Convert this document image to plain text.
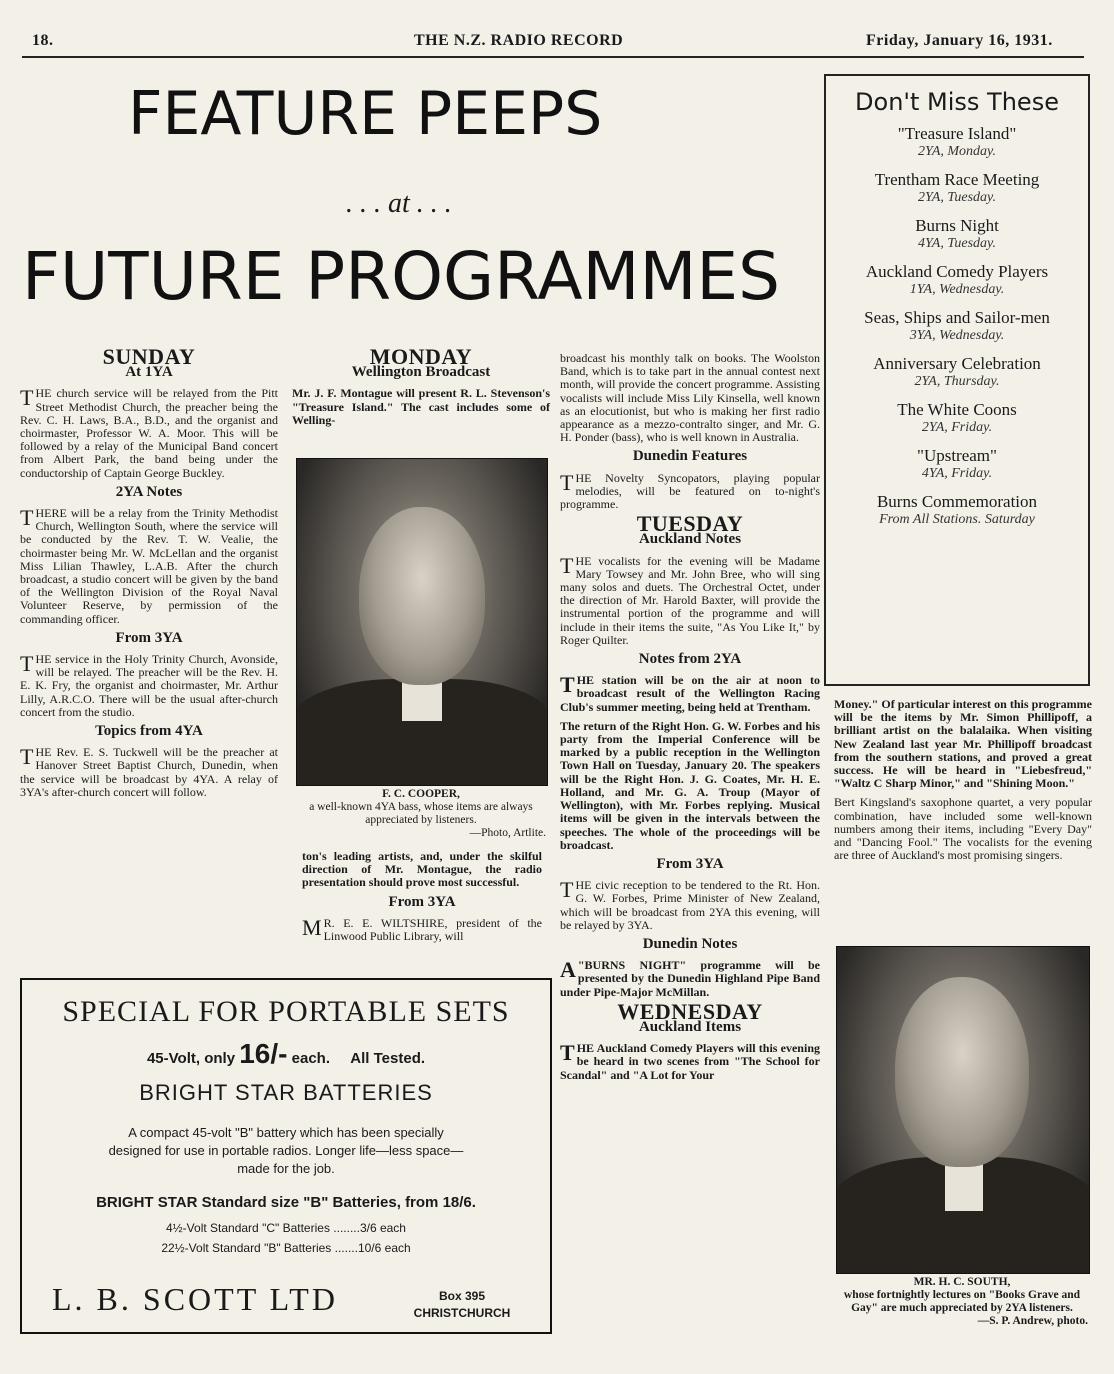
18.	THE N.Z. RADIO RECORD	Friday, January 16, 1931.
FEATURE PEEPS
. . . at . . .
FUTURE PROGRAMMES
SUNDAY
At 1YA

THE church service will be relayed from the Pitt Street Methodist Church, the preacher being the Rev. C. H. Laws, B.A., B.D., and the organist and choirmaster, Professor W. A. Moor. This will be followed by a relay of the Municipal Band concert from Albert Park, the band being under the conductorship of Captain George Buckley.

2YA Notes

THERE will be a relay from the Trinity Methodist Church, Wellington South, where the service will be conducted by the Rev. T. W. Vealie, the choirmaster being Mr. W. McLellan and the organist Miss Lilian Thawley, L.A.B. After the church broadcast, a studio concert will be given by the band of the Wellington Division of the Royal Naval Volunteer Reserve, by permission of the commanding officer.

From 3YA

THE service in the Holy Trinity Church, Avonside, will be relayed. The preacher will be the Rev. H. E. K. Fry, the organist and choirmaster, Mr. Arthur Lilly, A.R.C.O. There will be the usual after-church concert from the studio.

Topics from 4YA

THE Rev. E. S. Tuckwell will be the preacher at Hanover Street Baptist Church, Dunedin, when the service will be broadcast by 4YA. A relay of 3YA's after-church concert will follow.

MONDAY
Wellington Broadcast

Mr. J. F. Montague will present R. L. Stevenson's "Treasure Island." The cast includes some of Welling-

F. C. COOPER,
a well-known 4YA bass, whose items are always appreciated by listeners.
—Photo, Artlite.

ton's leading artists, and, under the skilful direction of Mr. Montague, the radio presentation should prove most successful.

From 3YA

MR. E. E. WILTSHIRE, president of the Linwood Public Library, will

broadcast his monthly talk on books. The Woolston Band, which is to take part in the annual contest next month, will provide the concert programme. Assisting vocalists will include Miss Lily Kinsella, well known as an elocutionist, but who is making her first radio appearance as a mezzo-contralto singer, and Mr. G. H. Ponder (bass), who is well known in Australia.

Dunedin Features

THE Novelty Syncopators, playing popular melodies, will be featured on to-night's programme.

TUESDAY
Auckland Notes

THE vocalists for the evening will be Madame Mary Towsey and Mr. John Bree, who will sing many solos and duets. The Orchestral Octet, under the direction of Mr. Harold Baxter, will provide the instrumental portion of the programme and will include in their items the suite, "As You Like It," by Roger Quilter.

Notes from 2YA

THE station will be on the air at noon to broadcast result of the Wellington Racing Club's summer meeting, being held at Trentham.

The return of the Right Hon. G. W. Forbes and his party from the Imperial Conference will be marked by a public reception in the Wellington Town Hall on Tuesday, January 20. The speakers will be the Right Hon. J. G. Coates, Mr. H. E. Holland, and Mr. G. A. Troup (Mayor of Wellington), with Mr. Forbes replying. Musical items will be given in the intervals between the speeches. The whole of the proceedings will be broadcast.

From 3YA

THE civic reception to be tendered to the Rt. Hon. G. W. Forbes, Prime Minister of New Zealand, which will be broadcast from 2YA this evening, will be relayed by 3YA.

Dunedin Notes

A"BURNS NIGHT" programme will be presented by the Dunedin Highland Pipe Band under Pipe-Major McMillan.

WEDNESDAY
Auckland Items

THE Auckland Comedy Players will this evening be heard in two scenes from "The School for Scandal" and "A Lot for Your

Don't Miss These
"Treasure Island"
2YA, Monday.
Trentham Race Meeting
2YA, Tuesday.
Burns Night
4YA, Tuesday.
Auckland Comedy Players
1YA, Wednesday.
Seas, Ships and Sailor-men
3YA, Wednesday.
Anniversary Celebration
2YA, Thursday.
The White Coons
2YA, Friday.
"Upstream"
4YA, Friday.
Burns Commemoration
From All Stations. Saturday

Money." Of particular interest on this programme will be the items by Mr. Simon Phillipoff, a brilliant artist on the balalaika. When visiting New Zealand last year Mr. Phillipoff broadcast from the southern stations, and proved a great success. He will be heard in "Liebesfreud," "Waltz C Sharp Minor," and "Shining Moon."

Bert Kingsland's saxophone quartet, a very popular combination, have included some well-known numbers among their items, including "Every Day" and "Dancing Fool." The vocalists for the evening are three of Auckland's most promising singers.

MR. H. C. SOUTH,
whose fortnightly lectures on "Books Grave and Gay" are much appreciated by 2YA listeners.
—S. P. Andrew, photo.
SPECIAL FOR PORTABLE SETS
45-Volt, only 16/- each. All Tested.
BRIGHT STAR BATTERIES
A compact 45-volt "B" battery which has been specially designed for use in portable radios. Longer life—less space—made for the job.
BRIGHT STAR Standard size "B" Batteries, from 18/6.
4½-Volt Standard "C" Batteries ........3/6 each
22½-Volt Standard "B" Batteries .......10/6 each
L. B. SCOTT LTD	Box 395
CHRISTCHURCH
